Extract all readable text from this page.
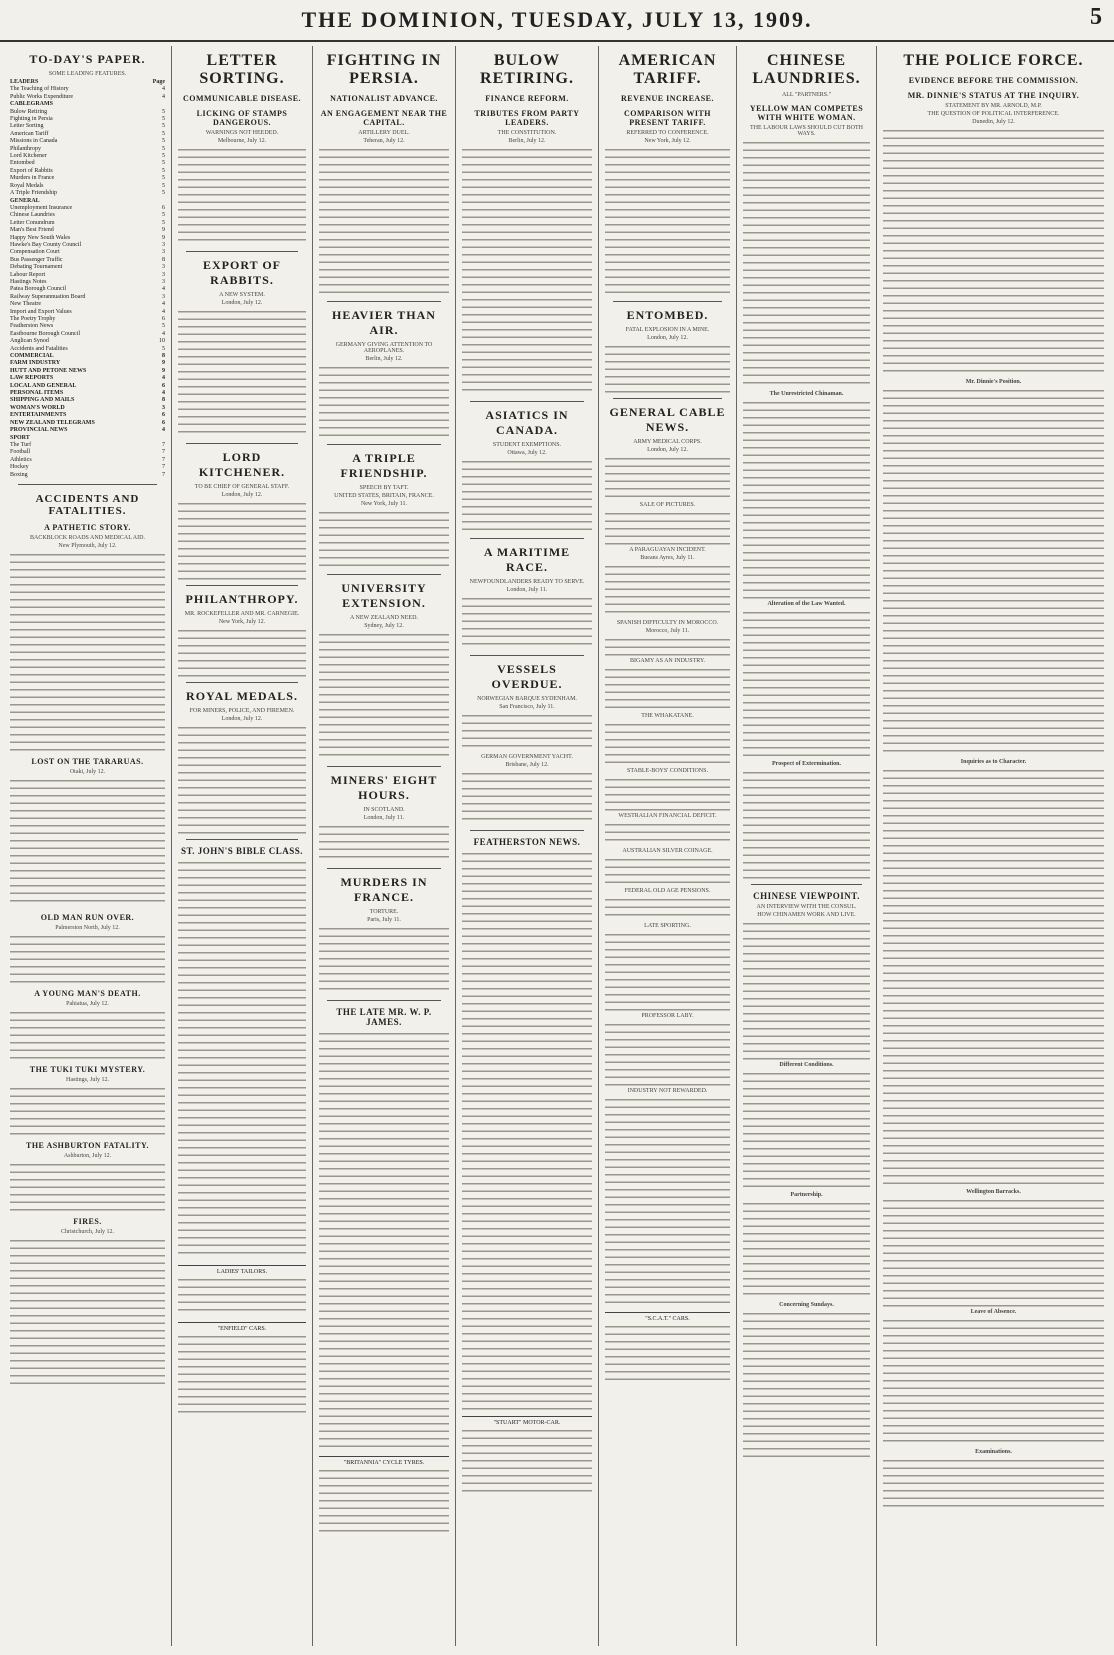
THE DOMINION, TUESDAY, JULY 13, 1909.	5
TO-DAY'S PAPER.
SOME LEADING FEATURES.
LEADERS	Page
The Teaching of History	4
Public Works Expenditure	4
CABLEGRAMS
Bulow Retiring	5
Fighting in Persia	5
Letter Sorting	5
American Tariff	5
Missions in Canada	5
Philanthropy	5
Lord Kitchener	5
Entombed	5
Export of Rabbits	5
Murders in France	5
Royal Medals	5
A Triple Friendship	5
GENERAL
Unemployment Insurance	6
Chinese Laundries	5
Letter Conundrum	5
Man's Best Friend	9
Happy New South Wales	9
Hawke's Bay County Council	3
Compensation Court	3
Bus Passenger Traffic	8
Debating Tournament	3
Labour Report	3
Hastings Notes	3
Patea Borough Council	4
Railway Superannuation Board	3
New Theatre	4
Import and Export Values	4
The Poetry Trophy	6
Featherston News	5
Eastbourne Borough Council	4
Anglican Synod	10
Accidents and Fatalities	5
COMMERCIAL	8
FARM INDUSTRY	9
HUTT AND PETONE NEWS	9
LAW REPORTS	4
LOCAL AND GENERAL	6
PERSONAL ITEMS	4
SHIPPING AND MAILS	8
WOMAN'S WORLD	3
ENTERTAINMENTS	6
NEW ZEALAND TELEGRAMS	6
PROVINCIAL NEWS	4
SPORT
The Turf	7
Football	7
Athletics	7
Hockey	7
Boxing	7
ACCIDENTS AND FATALITIES.
A PATHETIC STORY.
BACKBLOCK ROADS AND MEDICAL AID.
New Plymouth, July 12.
LOST ON THE TARARUAS.
Otaki, July 12.
OLD MAN RUN OVER.
Palmerston North, July 12.
A YOUNG MAN'S DEATH.
Pahiatua, July 12.
THE TUKI TUKI MYSTERY.
Hastings, July 12.
THE ASHBURTON FATALITY.
Ashburton, July 12.
FIRES.
Christchurch, July 12.
LETTER SORTING.
COMMUNICABLE DISEASE.
LICKING OF STAMPS DANGEROUS.
WARNINGS NOT HEEDED.
Melbourne, July 12.
EXPORT OF RABBITS.
A NEW SYSTEM.
London, July 12.
LORD KITCHENER.
TO BE CHIEF OF GENERAL STAFF.
London, July 12.
PHILANTHROPY.
MR. ROCKEFELLER AND MR. CARNEGIE.
New York, July 12.
ROYAL MEDALS.
FOR MINERS, POLICE, AND FIREMEN.
London, July 12.
ST. JOHN'S BIBLE CLASS.
LADIES' TAILORS.
"ENFIELD" CARS.
FIGHTING IN PERSIA.
NATIONALIST ADVANCE.
AN ENGAGEMENT NEAR THE CAPITAL.
ARTILLERY DUEL.
Teheran, July 12.
HEAVIER THAN AIR.
GERMANY GIVING ATTENTION TO AEROPLANES.
Berlin, July 12.
A TRIPLE FRIENDSHIP.
SPEECH BY TAFT.
UNITED STATES, BRITAIN, FRANCE.
New York, July 11.
UNIVERSITY EXTENSION.
A NEW ZEALAND NEED.
Sydney, July 12.
MINERS' EIGHT HOURS.
IN SCOTLAND.
London, July 11.
MURDERS IN FRANCE.
TORTURE.
Paris, July 11.
THE LATE MR. W. P. JAMES.
"BRITANNIA" CYCLE TYRES.
BULOW RETIRING.
FINANCE REFORM.
TRIBUTES FROM PARTY LEADERS.
THE CONSTITUTION.
Berlin, July 12.
ASIATICS IN CANADA.
STUDENT EXEMPTIONS.
Ottawa, July 12.
A MARITIME RACE.
NEWFOUNDLANDERS READY TO SERVE.
London, July 11.
VESSELS OVERDUE.
NORWEGIAN BARQUE SYDENHAM.
San Francisco, July 11.
GERMAN GOVERNMENT YACHT.
Brisbane, July 12.
FEATHERSTON NEWS.
"STUART" MOTOR-CAR.
AMERICAN TARIFF.
REVENUE INCREASE.
COMPARISON WITH PRESENT TARIFF.
REFERRED TO CONFERENCE.
New York, July 12.
ENTOMBED.
FATAL EXPLOSION IN A MINE.
London, July 12.
GENERAL CABLE NEWS.
ARMY MEDICAL CORPS.
London, July 12.
SALE OF PICTURES.
A PARAGUAYAN INCIDENT.
Bueans Ayres, July 11.
SPANISH DIFFICULTY IN MOROCCO.
Morocco, July 11.
BIGAMY AS AN INDUSTRY.
THE WHAKATANE.
STABLE-BOYS' CONDITIONS.
WESTRALIAN FINANCIAL DEFICIT.
AUSTRALIAN SILVER COINAGE.
FEDERAL OLD AGE PENSIONS.
LATE SPORTING.
PROFESSOR LABY.
INDUSTRY NOT REWARDED.
"S.C.A.T." CARS.
CHINESE LAUNDRIES.
ALL "PARTNERS."
YELLOW MAN COMPETES WITH WHITE WOMAN.
THE LABOUR LAWS SHOULD CUT BOTH WAYS.
The Unrestricted Chinaman.
Alteration of the Law Wanted.
Prospect of Extermination.
CHINESE VIEWPOINT.
AN INTERVIEW WITH THE CONSUL.
HOW CHINAMEN WORK AND LIVE.
Different Conditions.
Partnership.
Concerning Sundays.
THE POLICE FORCE.
EVIDENCE BEFORE THE COMMISSION.
MR. DINNIE'S STATUS AT THE INQUIRY.
STATEMENT BY MR. ARNOLD, M.P.
THE QUESTION OF POLITICAL INTERFERENCE.
Dunedin, July 12.
Mr. Dinnie's Position.
Inquiries as to Character.
Wellington Barracks.
Leave of Absence.
Examinations.
